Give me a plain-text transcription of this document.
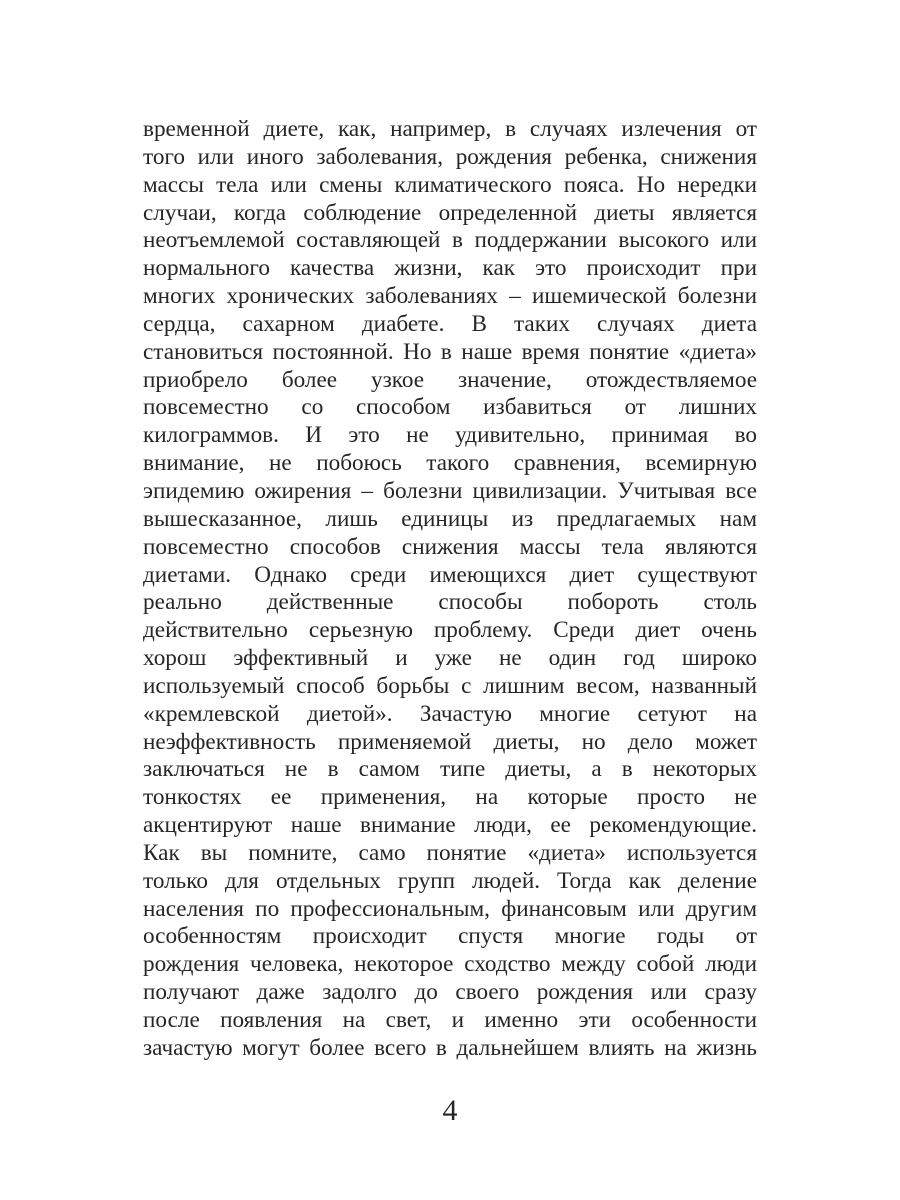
временной диете, как, например, в случаях излечения от
того или иного заболевания, рождения ребенка, снижения
массы тела или смены климатического пояса. Но нередки
случаи, когда соблюдение определенной диеты является
неотъемлемой составляющей в поддержании высокого или
нормального качества жизни, как это происходит при
многих хронических заболеваниях – ишемической болезни
сердца, сахарном диабете. В таких случаях диета
становиться постоянной. Но в наше время понятие «диета»
приобрело более узкое значение, отождествляемое
повсеместно со способом избавиться от лишних
килограммов. И это не удивительно, принимая во
внимание, не побоюсь такого сравнения, всемирную
эпидемию ожирения – болезни цивилизации. Учитывая все
вышесказанное, лишь единицы из предлагаемых нам
повсеместно способов снижения массы тела являются
диетами. Однако среди имеющихся диет существуют
реально действенные способы побороть столь
действительно серьезную проблему. Среди диет очень
хорош эффективный и уже не один год широко
используемый способ борьбы с лишним весом, названный
«кремлевской диетой». Зачастую многие сетуют на
неэффективность применяемой диеты, но дело может
заключаться не в самом типе диеты, а в некоторых
тонкостях ее применения, на которые просто не
акцентируют наше внимание люди, ее рекомендующие.
Как вы помните, само понятие «диета» используется
только для отдельных групп людей. Тогда как деление
населения по профессиональным, финансовым или другим
особенностям происходит спустя многие годы от
рождения человека, некоторое сходство между собой люди
получают даже задолго до своего рождения или сразу
после появления на свет, и именно эти особенности
зачастую могут более всего в дальнейшем влиять на жизнь
4
